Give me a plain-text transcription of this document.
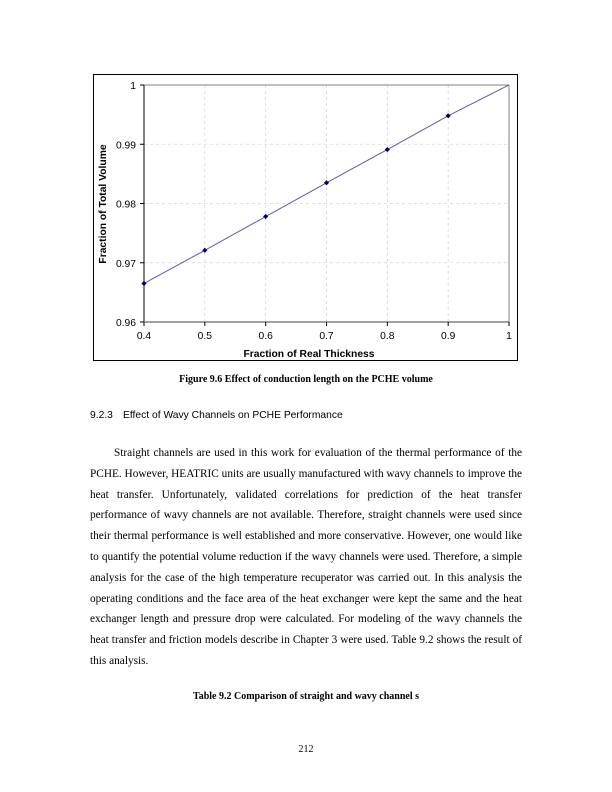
0.4	0.5	0.6	0.7	0.8	0.9	1
0.96
0.97
0.98
0.99
1
Fraction of Real Thickness
Fraction of Total Volume
Figure 9.6 Effect of conduction length on the PCHE volume
9.2.3 Effect of Wavy Channels on PCHE Performance

Straight channels are used in this work for evaluation of the thermal performance of the PCHE. However, HEATRIC units are usually manufactured with wavy channels to improve the heat transfer. Unfortunately, validated correlations for prediction of the heat transfer performance of wavy channels are not available. Therefore, straight channels were used since their thermal performance is well established and more conservative. However, one would like to quantify the potential volume reduction if the wavy channels were used. Therefore, a simple analysis for the case of the high temperature recuperator was carried out. In this analysis the operating conditions and the face area of the heat exchanger were kept the same and the heat exchanger length and pressure drop were calculated. For modeling of the wavy channels the heat transfer and friction models describe in Chapter 3 were used. Table 9.2 shows the result of this analysis.

Table 9.2 Comparison of straight and wavy channel s
212
